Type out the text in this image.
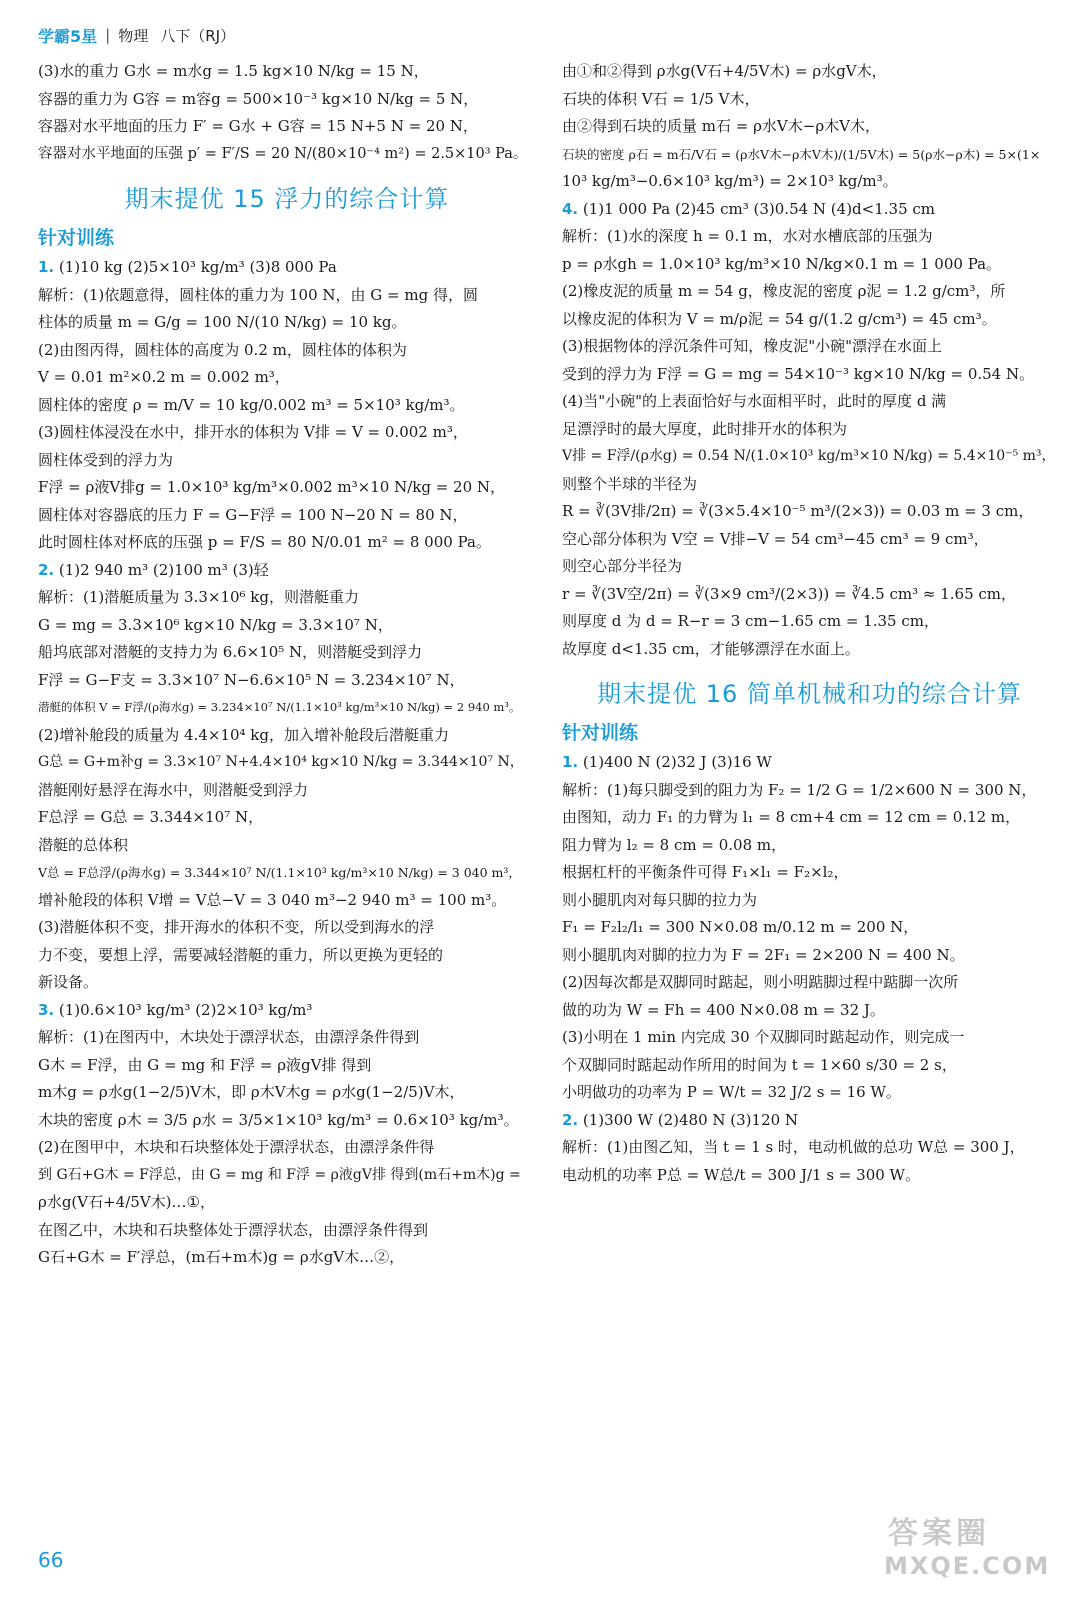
学霸5星 | 物理 八下（RJ）

(3)水的重力 G水 = m水g = 1.5 kg×10 N/kg = 15 N，

容器的重力为 G容 = m容g = 500×10⁻³ kg×10 N/kg = 5 N，

容器对水平地面的压力 F′ = G水 + G容 = 15 N+5 N = 20 N，

容器对水平地面的压强 p′ = F′/S = 20 N/(80×10⁻⁴ m²) = 2.5×10³ Pa。

期末提优 15 浮力的综合计算
针对训练

1. (1)10 kg (2)5×10³ kg/m³ (3)8 000 Pa

解析：(1)依题意得，圆柱体的重力为 100 N，由 G = mg 得，圆

柱体的质量 m = G/g = 100 N/(10 N/kg) = 10 kg。

(2)由图丙得，圆柱体的高度为 0.2 m，圆柱体的体积为

V = 0.01 m²×0.2 m = 0.002 m³，

圆柱体的密度 ρ = m/V = 10 kg/0.002 m³ = 5×10³ kg/m³。

(3)圆柱体浸没在水中，排开水的体积为 V排 = V = 0.002 m³，

圆柱体受到的浮力为

F浮 = ρ液V排g = 1.0×10³ kg/m³×0.002 m³×10 N/kg = 20 N，

圆柱体对容器底的压力 F = G−F浮 = 100 N−20 N = 80 N，

此时圆柱体对杯底的压强 p = F/S = 80 N/0.01 m² = 8 000 Pa。

2. (1)2 940 m³ (2)100 m³ (3)轻

解析：(1)潜艇质量为 3.3×10⁶ kg，则潜艇重力

G = mg = 3.3×10⁶ kg×10 N/kg = 3.3×10⁷ N，

船坞底部对潜艇的支持力为 6.6×10⁵ N，则潜艇受到浮力

F浮 = G−F支 = 3.3×10⁷ N−6.6×10⁵ N = 3.234×10⁷ N，

潜艇的体积 V = F浮/(ρ海水g) = 3.234×10⁷ N/(1.1×10³ kg/m³×10 N/kg) = 2 940 m³。

(2)增补舱段的质量为 4.4×10⁴ kg，加入增补舱段后潜艇重力

G总 = G+m补g = 3.3×10⁷ N+4.4×10⁴ kg×10 N/kg = 3.344×10⁷ N，

潜艇刚好悬浮在海水中，则潜艇受到浮力

F总浮 = G总 = 3.344×10⁷ N，

潜艇的总体积

V总 = F总浮/(ρ海水g) = 3.344×10⁷ N/(1.1×10³ kg/m³×10 N/kg) = 3 040 m³，

增补舱段的体积 V增 = V总−V = 3 040 m³−2 940 m³ = 100 m³。

(3)潜艇体积不变，排开海水的体积不变，所以受到海水的浮

力不变，要想上浮，需要减轻潜艇的重力，所以更换为更轻的

新设备。

3. (1)0.6×10³ kg/m³ (2)2×10³ kg/m³

解析：(1)在图丙中，木块处于漂浮状态，由漂浮条件得到

G木 = F浮，由 G = mg 和 F浮 = ρ液gV排 得到

m木g = ρ水g(1−2/5)V木，即 ρ木V木g = ρ水g(1−2/5)V木，

木块的密度 ρ木 = 3/5 ρ水 = 3/5×1×10³ kg/m³ = 0.6×10³ kg/m³。

(2)在图甲中，木块和石块整体处于漂浮状态，由漂浮条件得

到 G石+G木 = F浮总，由 G = mg 和 F浮 = ρ液gV排 得到(m石+m木)g =

ρ水g(V石+4/5V木)…①，

在图乙中，木块和石块整体处于漂浮状态，由漂浮条件得到

G石+G木 = F′浮总，(m石+m木)g = ρ水gV木…②，

由①和②得到 ρ水g(V石+4/5V木) = ρ水gV木，

石块的体积 V石 = 1/5 V木，

由②得到石块的质量 m石 = ρ水V木−ρ木V木，

石块的密度 ρ石 = m石/V石 = (ρ水V木−ρ木V木)/(1/5V木) = 5(ρ水−ρ木) = 5×(1×

10³ kg/m³−0.6×10³ kg/m³) = 2×10³ kg/m³。

4. (1)1 000 Pa (2)45 cm³ (3)0.54 N (4)d<1.35 cm

解析：(1)水的深度 h = 0.1 m，水对水槽底部的压强为

p = ρ水gh = 1.0×10³ kg/m³×10 N/kg×0.1 m = 1 000 Pa。

(2)橡皮泥的质量 m = 54 g，橡皮泥的密度 ρ泥 = 1.2 g/cm³，所

以橡皮泥的体积为 V = m/ρ泥 = 54 g/(1.2 g/cm³) = 45 cm³。

(3)根据物体的浮沉条件可知，橡皮泥"小碗"漂浮在水面上

受到的浮力为 F浮 = G = mg = 54×10⁻³ kg×10 N/kg = 0.54 N。

(4)当"小碗"的上表面恰好与水面相平时，此时的厚度 d 满

足漂浮时的最大厚度，此时排开水的体积为

V排 = F浮/(ρ水g) = 0.54 N/(1.0×10³ kg/m³×10 N/kg) = 5.4×10⁻⁵ m³，

则整个半球的半径为

R = ∛(3V排/2π) = ∛(3×5.4×10⁻⁵ m³/(2×3)) = 0.03 m = 3 cm，

空心部分体积为 V空 = V排−V = 54 cm³−45 cm³ = 9 cm³，

则空心部分半径为

r = ∛(3V空/2π) = ∛(3×9 cm³/(2×3)) = ∛4.5 cm³ ≈ 1.65 cm，

则厚度 d 为 d = R−r = 3 cm−1.65 cm = 1.35 cm，

故厚度 d<1.35 cm，才能够漂浮在水面上。

期末提优 16 简单机械和功的综合计算
针对训练

1. (1)400 N (2)32 J (3)16 W

解析：(1)每只脚受到的阻力为 F₂ = 1/2 G = 1/2×600 N = 300 N，

由图知，动力 F₁ 的力臂为 l₁ = 8 cm+4 cm = 12 cm = 0.12 m，

阻力臂为 l₂ = 8 cm = 0.08 m，

根据杠杆的平衡条件可得 F₁×l₁ = F₂×l₂，

则小腿肌肉对每只脚的拉力为

F₁ = F₂l₂/l₁ = 300 N×0.08 m/0.12 m = 200 N，

则小腿肌肉对脚的拉力为 F = 2F₁ = 2×200 N = 400 N。

(2)因每次都是双脚同时踮起，则小明踮脚过程中踮脚一次所

做的功为 W = Fh = 400 N×0.08 m = 32 J。

(3)小明在 1 min 内完成 30 个双脚同时踮起动作，则完成一

个双脚同时踮起动作所用的时间为 t = 1×60 s/30 = 2 s，

小明做功的功率为 P = W/t = 32 J/2 s = 16 W。

2. (1)300 W (2)480 N (3)120 N

解析：(1)由图乙知，当 t = 1 s 时，电动机做的总功 W总 = 300 J，

电动机的功率 P总 = W总/t = 300 J/1 s = 300 W。

66
答案圈
MXQE.COM
